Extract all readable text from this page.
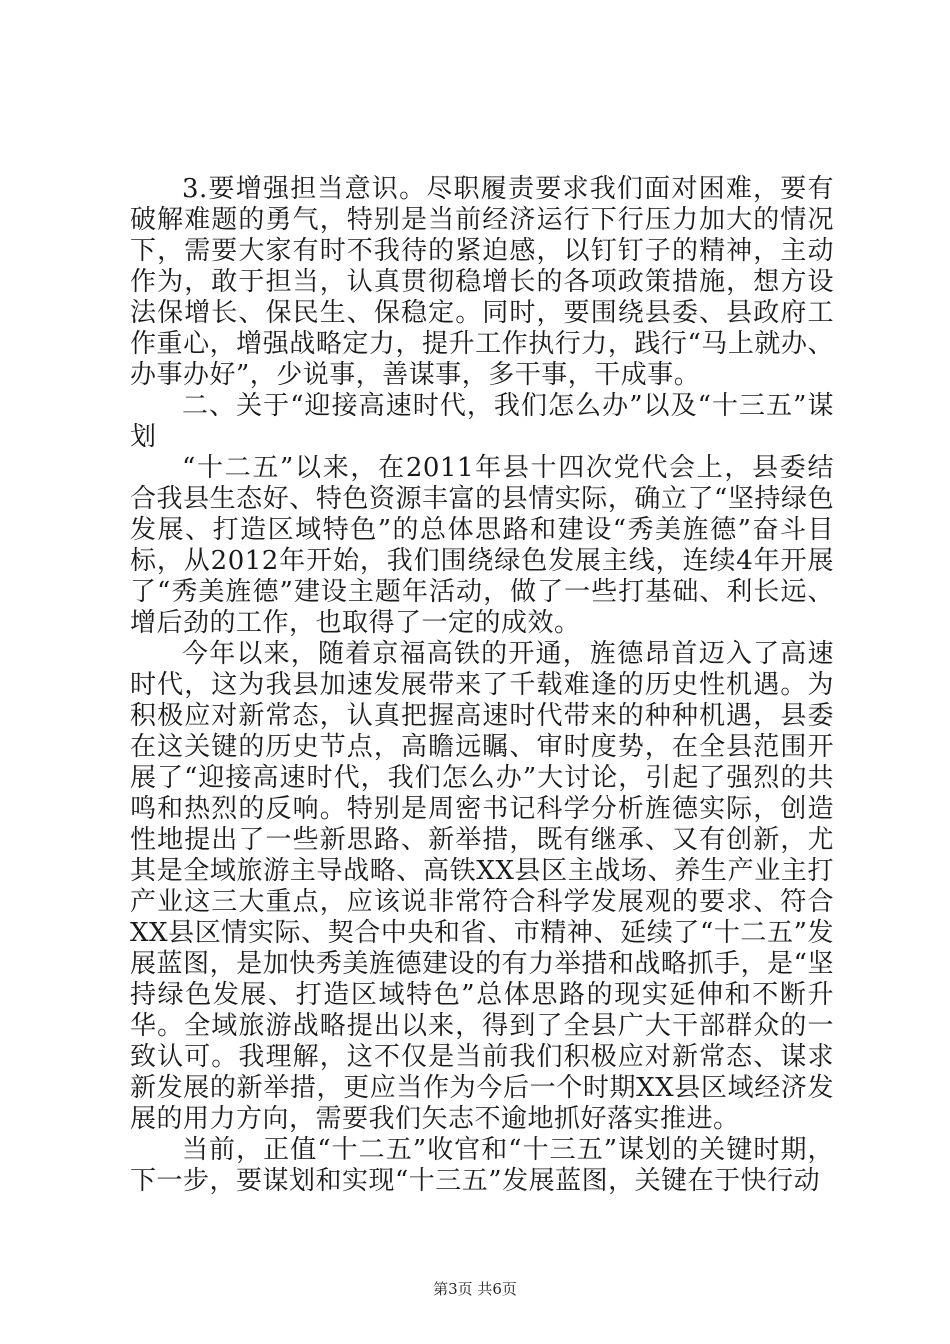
3.要增强担当意识。尽职履责要求我们面对困难，要有破解难题的勇气，特别是当前经济运行下行压力加大的情况下，需要大家有时不我待的紧迫感，以钉钉子的精神，主动作为，敢于担当，认真贯彻稳增长的各项政策措施，想方设法保增长、保民生、保稳定。同时，要围绕县委、县政府工作重心，增强战略定力，提升工作执行力，践行“马上就办、办事办好”，少说事，善谋事，多干事，干成事。

二、关于“迎接高速时代，我们怎么办”以及“十三五”谋划

“十二五”以来，在2011年县十四次党代会上，县委结合我县生态好、特色资源丰富的县情实际，确立了“坚持绿色发展、打造区域特色”的总体思路和建设“秀美旌德”奋斗目标，从2012年开始，我们围绕绿色发展主线，连续4年开展了“秀美旌德”建设主题年活动，做了一些打基础、利长远、增后劲的工作，也取得了一定的成效。

今年以来，随着京福高铁的开通，旌德昂首迈入了高速时代，这为我县加速发展带来了千载难逢的历史性机遇。为积极应对新常态，认真把握高速时代带来的种种机遇，县委在这关键的历史节点，高瞻远瞩、审时度势，在全县范围开展了“迎接高速时代，我们怎么办”大讨论，引起了强烈的共鸣和热烈的反响。特别是周密书记科学分析旌德实际，创造性地提出了一些新思路、新举措，既有继承、又有创新，尤其是全域旅游主导战略、高铁XX县区主战场、养生产业主打产业这三大重点，应该说非常符合科学发展观的要求、符合XX县区情实际、契合中央和省、市精神、延续了“十二五”发展蓝图，是加快秀美旌德建设的有力举措和战略抓手，是“坚持绿色发展、打造区域特色”总体思路的现实延伸和不断升华。全域旅游战略提出以来，得到了全县广大干部群众的一致认可。我理解，这不仅是当前我们积极应对新常态、谋求新发展的新举措，更应当作为今后一个时期XX县区域经济发展的用力方向，需要我们矢志不逾地抓好落实推进。

当前，正值“十二五”收官和“十三五”谋划的关键时期，下一步，要谋划和实现“十三五”发展蓝图，关键在于快行动

第3页 共6页
